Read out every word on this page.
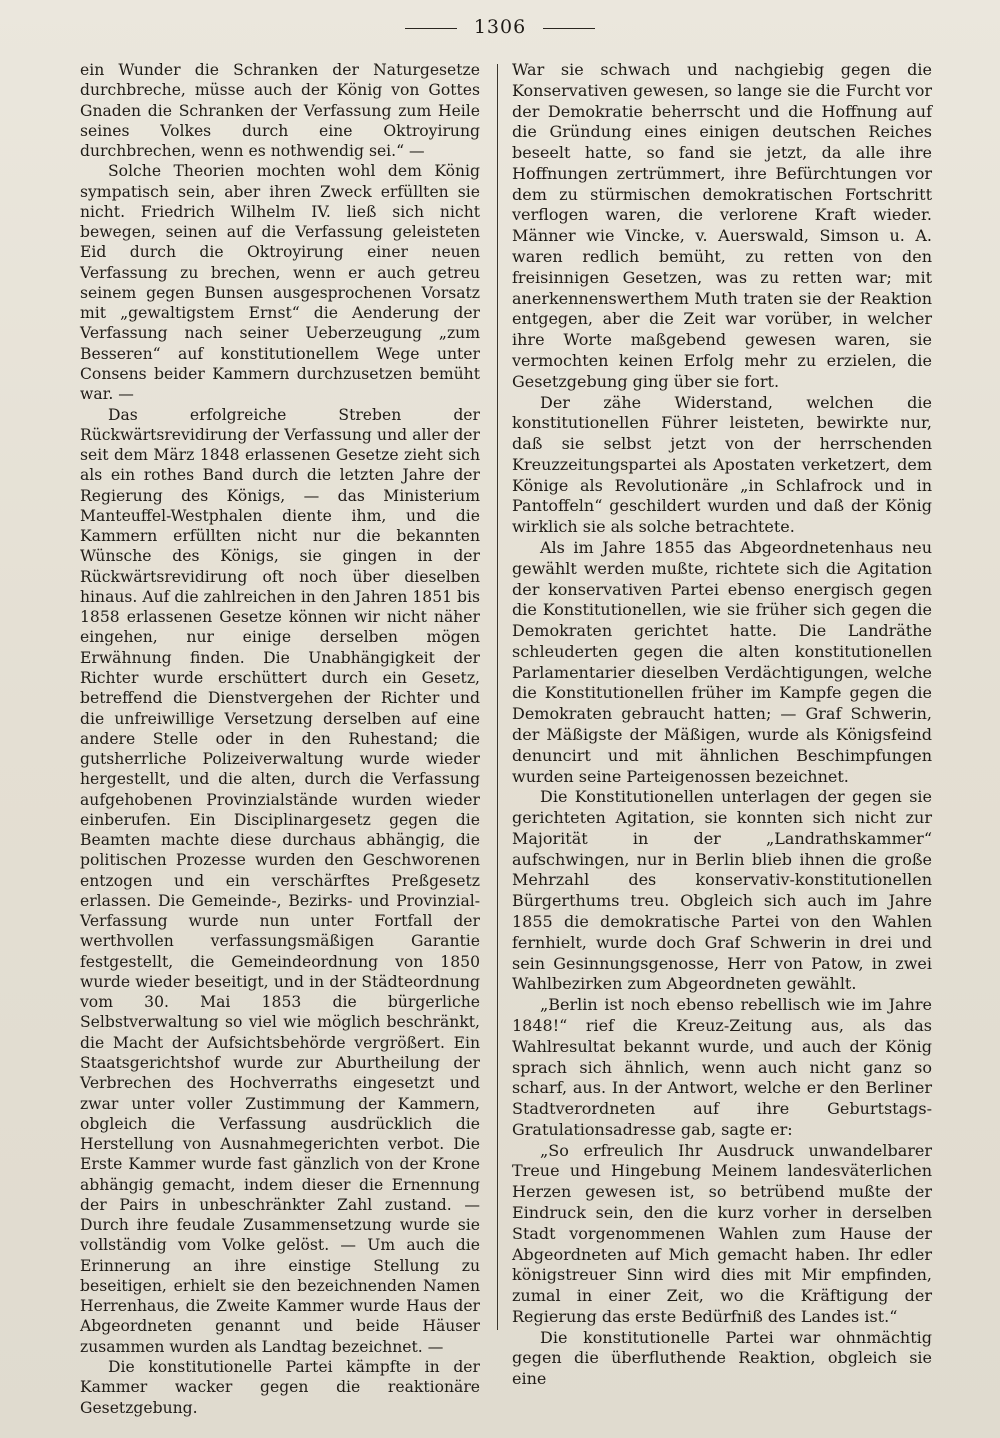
1306

ein Wunder die Schranken der Naturgesetze durchbreche, müsse auch der König von Gottes Gnaden die Schranken der Verfassung zum Heile seines Volkes durch eine Oktroyirung durchbrechen, wenn es nothwendig sei.“ —

Solche Theorien mochten wohl dem König sympatisch sein, aber ihren Zweck erfüllten sie nicht. Friedrich Wilhelm IV. ließ sich nicht bewegen, seinen auf die Verfassung geleisteten Eid durch die Oktroyirung einer neuen Verfassung zu brechen, wenn er auch getreu seinem gegen Bunsen ausgesprochenen Vorsatz mit „gewaltigstem Ernst“ die Aenderung der Verfassung nach seiner Ueberzeugung „zum Besseren“ auf konstitutionellem Wege unter Consens beider Kammern durchzusetzen bemüht war. —

Das erfolgreiche Streben der Rückwärtsrevidirung der Verfassung und aller der seit dem März 1848 erlassenen Gesetze zieht sich als ein rothes Band durch die letzten Jahre der Regierung des Königs, — das Ministerium Manteuffel-Westphalen diente ihm, und die Kammern erfüllten nicht nur die bekannten Wünsche des Königs, sie gingen in der Rückwärtsrevidirung oft noch über dieselben hinaus. Auf die zahlreichen in den Jahren 1851 bis 1858 erlassenen Gesetze können wir nicht näher eingehen, nur einige derselben mögen Erwähnung finden. Die Unabhängigkeit der Richter wurde erschüttert durch ein Gesetz, betreffend die Dienstvergehen der Richter und die unfreiwillige Versetzung derselben auf eine andere Stelle oder in den Ruhestand; die gutsherrliche Polizeiverwaltung wurde wieder hergestellt, und die alten, durch die Verfassung aufgehobenen Provinzialstände wurden wieder einberufen. Ein Disciplinargesetz gegen die Beamten machte diese durchaus abhängig, die politischen Prozesse wurden den Geschworenen entzogen und ein verschärftes Preßgesetz erlassen. Die Gemeinde-, Bezirks- und Provinzial-Verfassung wurde nun unter Fortfall der werthvollen verfassungsmäßigen Garantie festgestellt, die Gemeindeordnung von 1850 wurde wieder beseitigt, und in der Städteordnung vom 30. Mai 1853 die bürgerliche Selbstverwaltung so viel wie möglich beschränkt, die Macht der Aufsichtsbehörde vergrößert. Ein Staatsgerichtshof wurde zur Aburtheilung der Verbrechen des Hochverraths eingesetzt und zwar unter voller Zustimmung der Kammern, obgleich die Verfassung ausdrücklich die Herstellung von Ausnahmegerichten verbot. Die Erste Kammer wurde fast gänzlich von der Krone abhängig gemacht, indem dieser die Ernennung der Pairs in unbeschränkter Zahl zustand. — Durch ihre feudale Zusammensetzung wurde sie vollständig vom Volke gelöst. — Um auch die Erinnerung an ihre einstige Stellung zu beseitigen, erhielt sie den bezeichnenden Namen Herrenhaus, die Zweite Kammer wurde Haus der Abgeordneten genannt und beide Häuser zusammen wurden als Landtag bezeichnet. —

Die konstitutionelle Partei kämpfte in der Kammer wacker gegen die reaktionäre Gesetzgebung.

War sie schwach und nachgiebig gegen die Konservativen gewesen, so lange sie die Furcht vor der Demokratie beherrscht und die Hoffnung auf die Gründung eines einigen deutschen Reiches beseelt hatte, so fand sie jetzt, da alle ihre Hoffnungen zertrümmert, ihre Befürchtungen vor dem zu stürmischen demokratischen Fortschritt verflogen waren, die verlorene Kraft wieder. Männer wie Vincke, v. Auerswald, Simson u. A. waren redlich bemüht, zu retten von den freisinnigen Gesetzen, was zu retten war; mit anerkennenswerthem Muth traten sie der Reaktion entgegen, aber die Zeit war vorüber, in welcher ihre Worte maßgebend gewesen waren, sie vermochten keinen Erfolg mehr zu erzielen, die Gesetzgebung ging über sie fort.

Der zähe Widerstand, welchen die konstitutionellen Führer leisteten, bewirkte nur, daß sie selbst jetzt von der herrschenden Kreuzzeitungspartei als Apostaten verketzert, dem Könige als Revolutionäre „in Schlafrock und in Pantoffeln“ geschildert wurden und daß der König wirklich sie als solche betrachtete.

Als im Jahre 1855 das Abgeordnetenhaus neu gewählt werden mußte, richtete sich die Agitation der konservativen Partei ebenso energisch gegen die Konstitutionellen, wie sie früher sich gegen die Demokraten gerichtet hatte. Die Landräthe schleuderten gegen die alten konstitutionellen Parlamentarier dieselben Verdächtigungen, welche die Konstitutionellen früher im Kampfe gegen die Demokraten gebraucht hatten; — Graf Schwerin, der Mäßigste der Mäßigen, wurde als Königsfeind denuncirt und mit ähnlichen Beschimpfungen wurden seine Parteigenossen bezeichnet.

Die Konstitutionellen unterlagen der gegen sie gerichteten Agitation, sie konnten sich nicht zur Majorität in der „Landrathskammer“ aufschwingen, nur in Berlin blieb ihnen die große Mehrzahl des konservativ-konstitutionellen Bürgerthums treu. Obgleich sich auch im Jahre 1855 die demokratische Partei von den Wahlen fernhielt, wurde doch Graf Schwerin in drei und sein Gesinnungsgenosse, Herr von Patow, in zwei Wahlbezirken zum Abgeordneten gewählt.

„Berlin ist noch ebenso rebellisch wie im Jahre 1848!“ rief die Kreuz-Zeitung aus, als das Wahlresultat bekannt wurde, und auch der König sprach sich ähnlich, wenn auch nicht ganz so scharf, aus. In der Antwort, welche er den Berliner Stadtverordneten auf ihre Geburtstags-Gratulationsadresse gab, sagte er:

„So erfreulich Ihr Ausdruck unwandelbarer Treue und Hingebung Meinem landesväterlichen Herzen gewesen ist, so betrübend mußte der Eindruck sein, den die kurz vorher in derselben Stadt vorgenommenen Wahlen zum Hause der Abgeordneten auf Mich gemacht haben. Ihr edler königstreuer Sinn wird dies mit Mir empfinden, zumal in einer Zeit, wo die Kräftigung der Regierung das erste Bedürfniß des Landes ist.“

Die konstitutionelle Partei war ohnmächtig gegen die überfluthende Reaktion, obgleich sie eine
